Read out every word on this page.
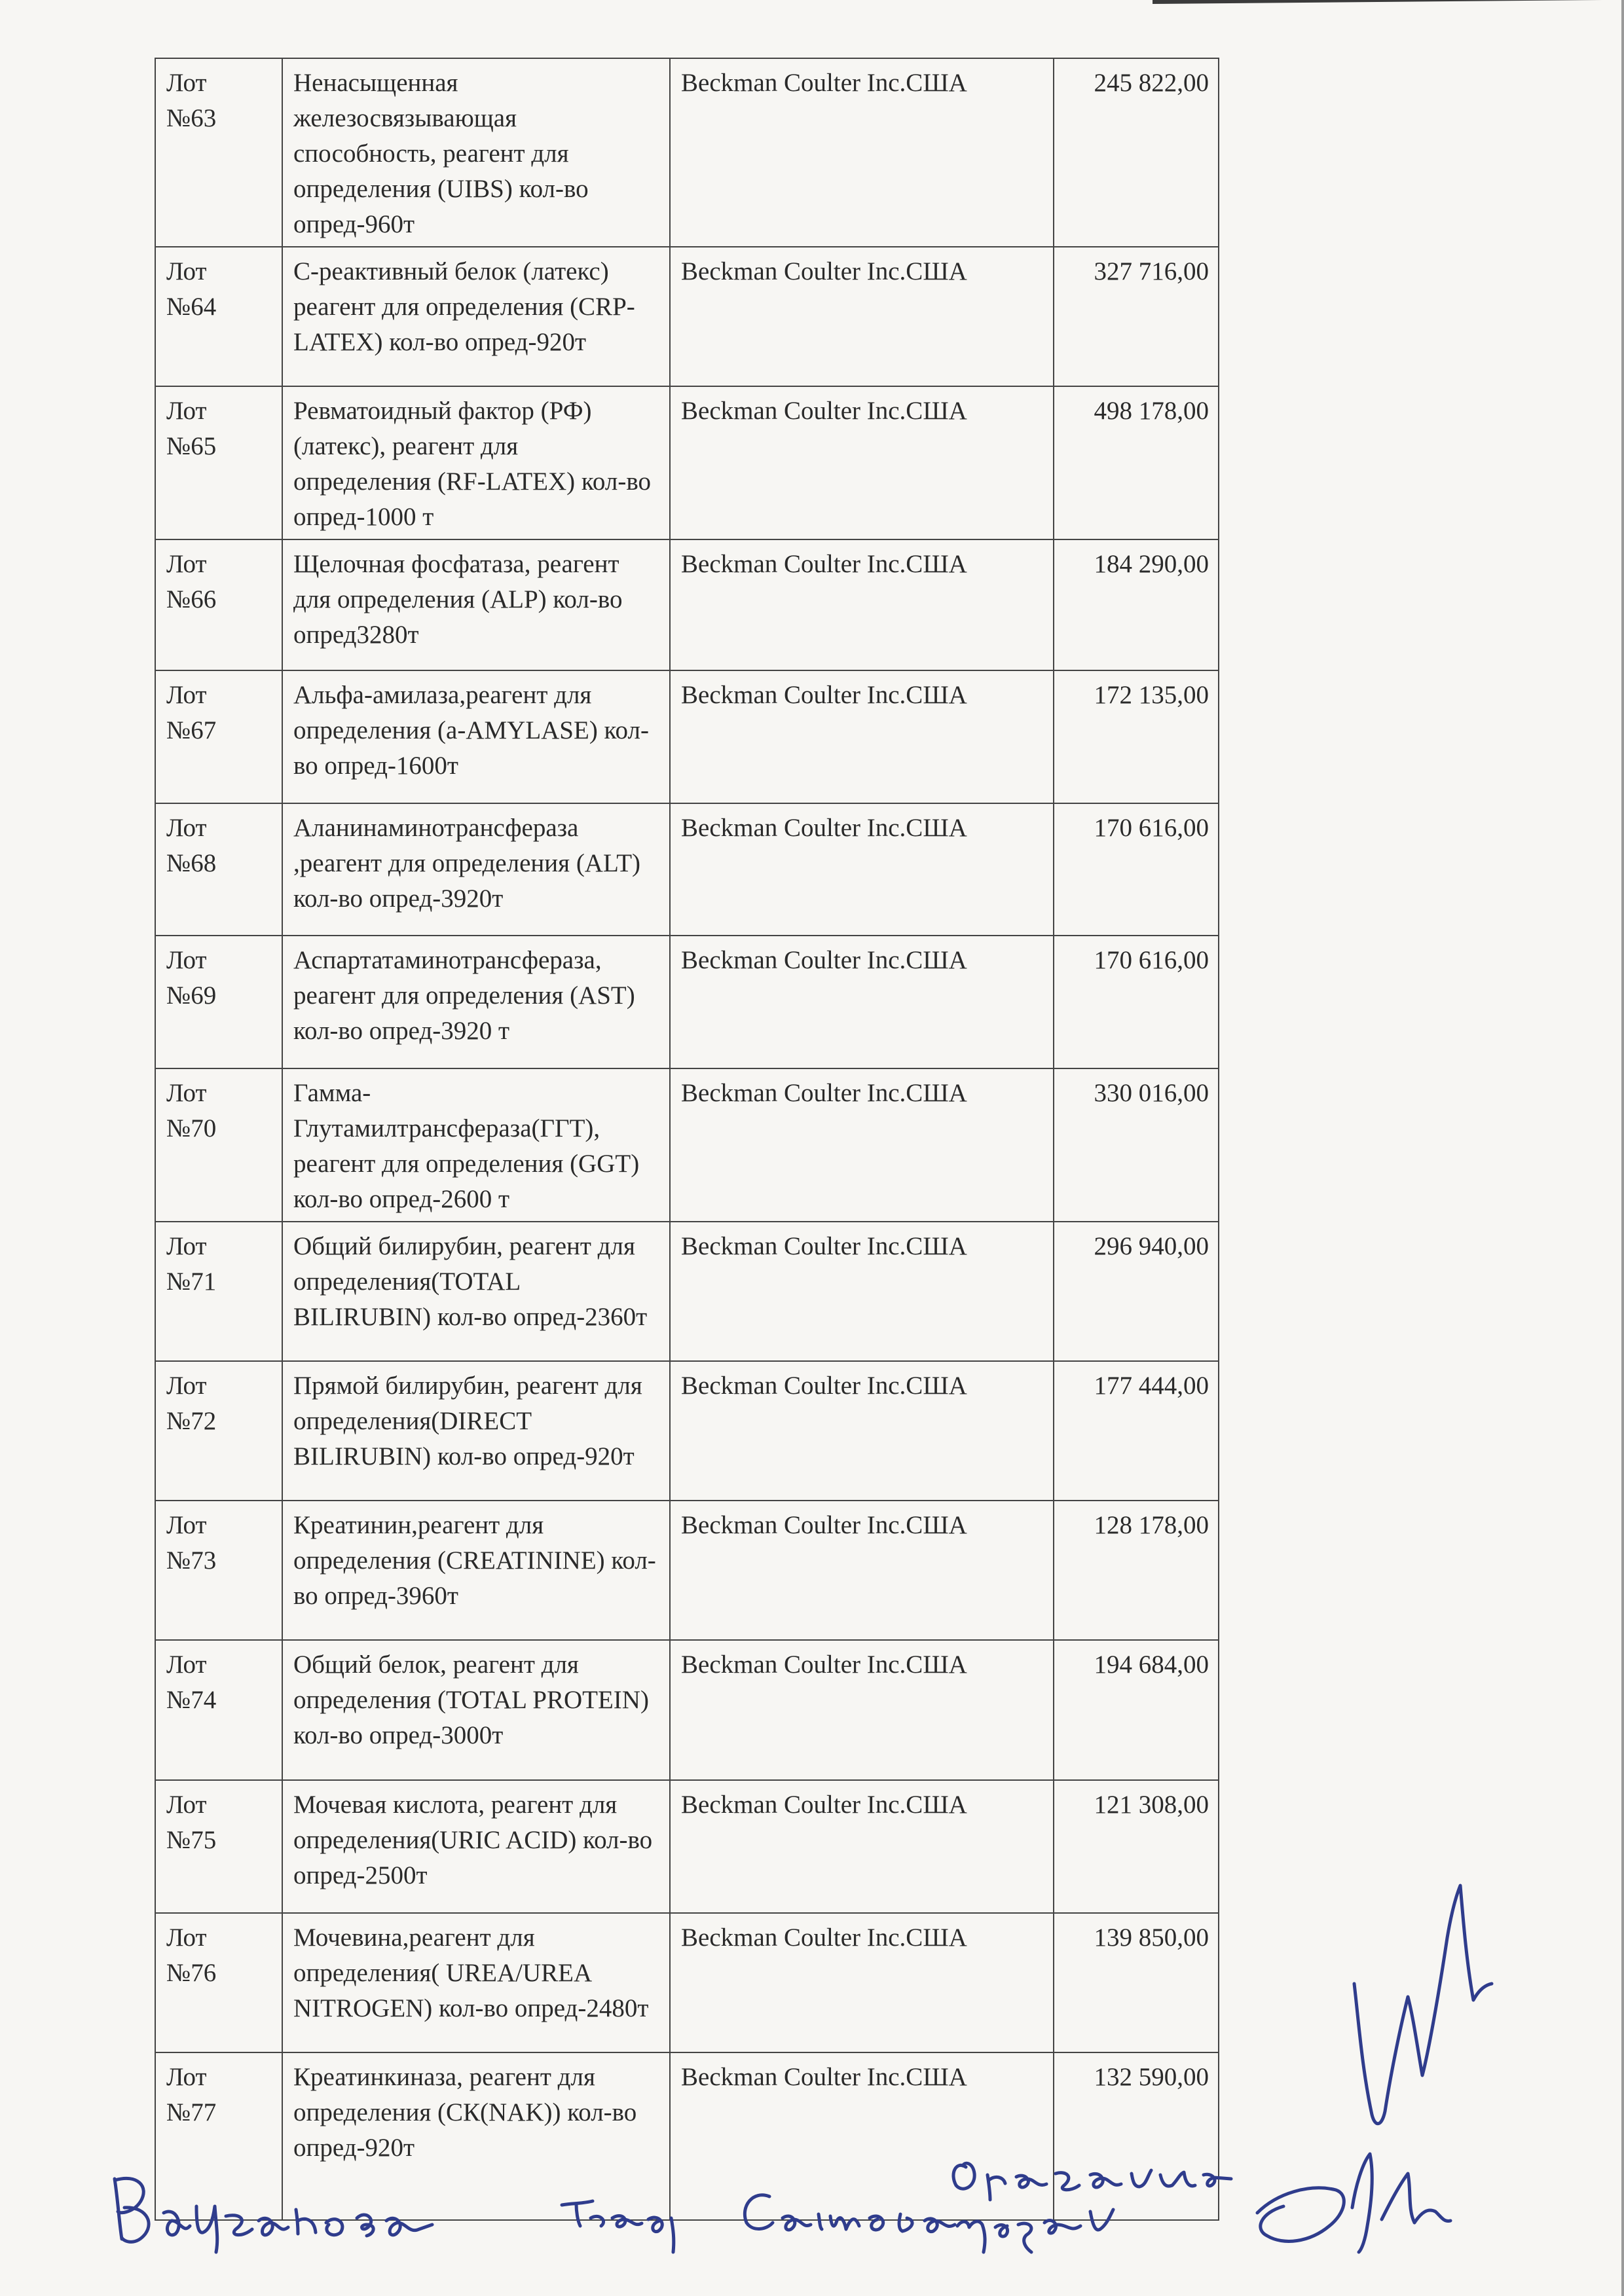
Лот
№63	Ненасыщенная железосвязывающая способность, реагент для определения (UIBS) кол-во опред-960т	Beckman Coulter Inc.США	245 822,00

Лот
№64	С-реактивный белок (латекс) реагент для определения (CRP-LATEX) кол-во опред-920т	Beckman Coulter Inc.США	327 716,00

Лот
№65	Ревматоидный фактор (РФ) (латекс), реагент для определения (RF-LATEX) кол-во опред-1000 т	Beckman Coulter Inc.США	498 178,00

Лот
№66	Щелочная фосфатаза, реагент для определения (ALP) кол-во опред3280т	Beckman Coulter Inc.США	184 290,00

Лот
№67	Альфа-амилаза,реагент для определения (a-AMYLASE) кол-во опред-1600т	Beckman Coulter Inc.США	172 135,00

Лот
№68	Аланинаминотрансфераза ,реагент для определения (ALT) кол-во опред-3920т	Beckman Coulter Inc.США	170 616,00

Лот
№69	Аспартатаминотрансфераза, реагент для определения (AST) кол-во опред-3920 т	Beckman Coulter Inc.США	170 616,00

Лот
№70	Гамма-Глутамилтрансфераза(ГГТ), реагент для определения (GGT) кол-во опред-2600 т	Beckman Coulter Inc.США	330 016,00

Лот
№71	Общий билирубин, реагент для определения(TOTAL BILIRUBIN) кол-во опред-2360т	Beckman Coulter Inc.США	296 940,00

Лот
№72	Прямой билирубин, реагент для определения(DIRECT BILIRUBIN) кол-во опред-920т	Beckman Coulter Inc.США	177 444,00

Лот
№73	Креатинин,реагент для определения (CREATININE) кол-во опред-3960т	Beckman Coulter Inc.США	128 178,00

Лот
№74	Общий белок, реагент для определения (TOTAL PROTEIN) кол-во опред-3000т	Beckman Coulter Inc.США	194 684,00

Лот
№75	Мочевая кислота, реагент для определения(URIC ACID) кол-во опред-2500т	Beckman Coulter Inc.США	121 308,00

Лот
№76	Мочевина,реагент для определения( UREA/UREA NITROGEN) кол-во опред-2480т	Beckman Coulter Inc.США	139 850,00

Лот
№77	Креатинкиназа, реагент для определения (СК(NAK)) кол-во опред-920т	Beckman Coulter Inc.США	132 590,00
